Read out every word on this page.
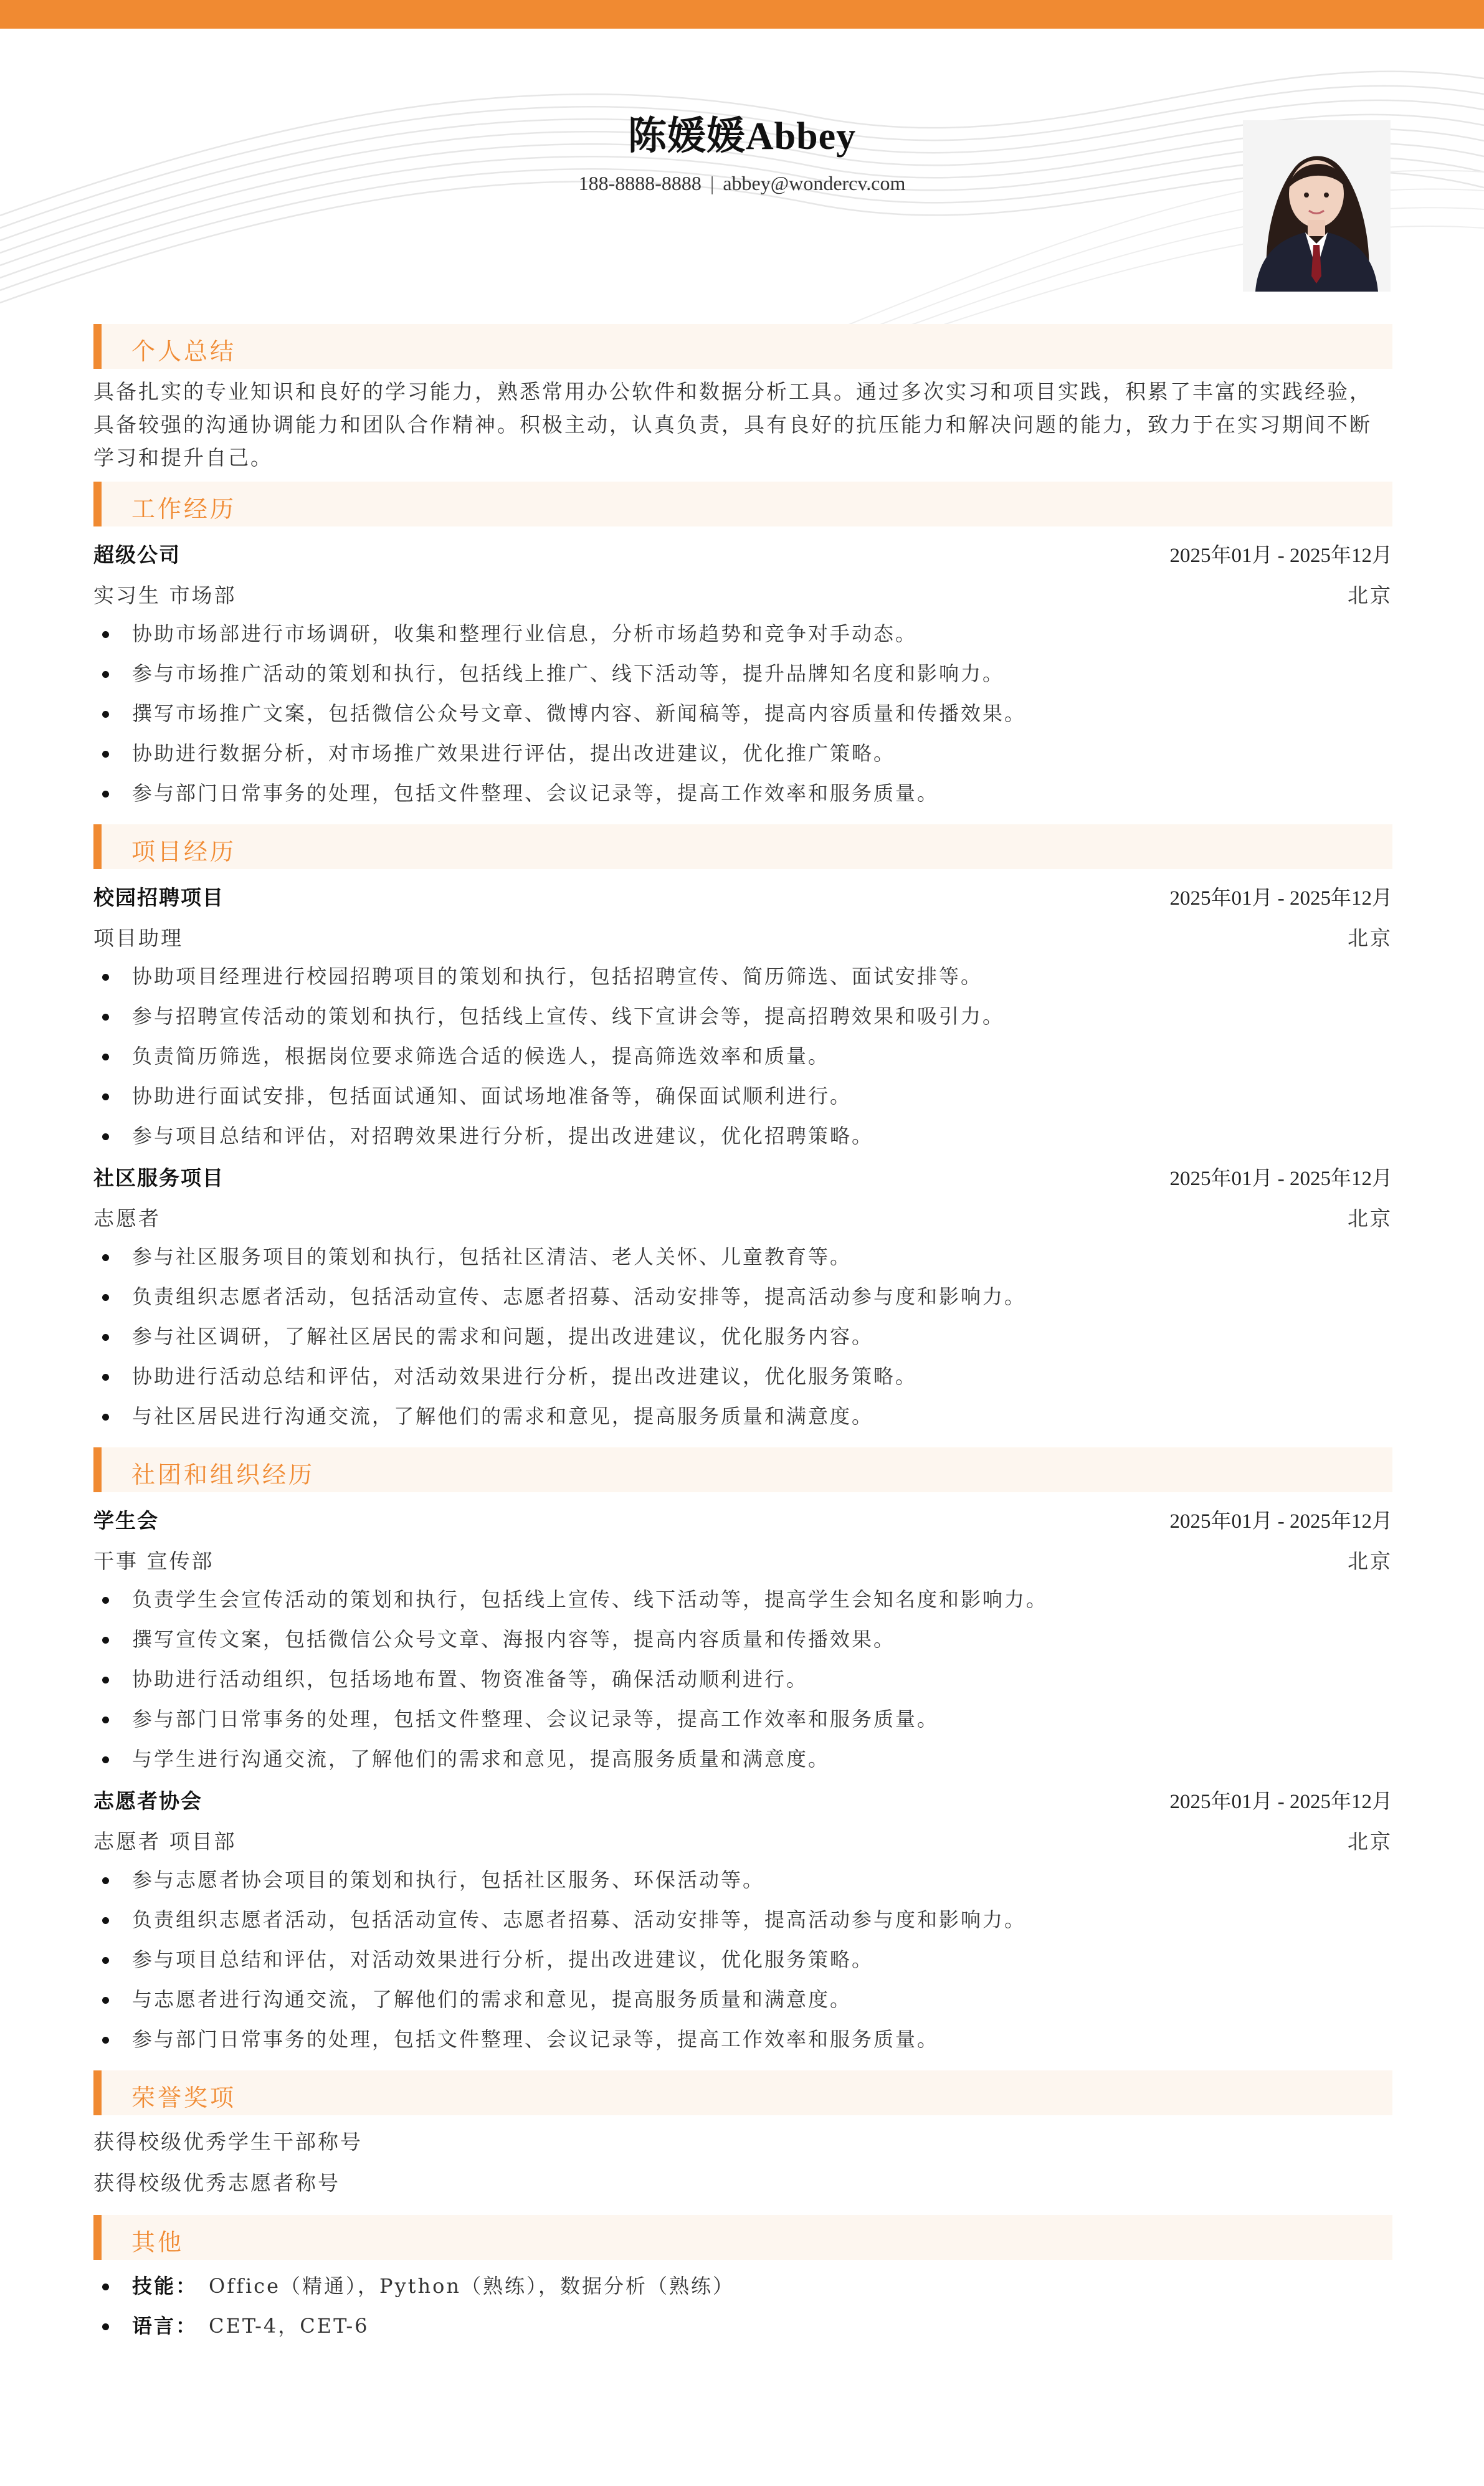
陈媛媛Abbey
188-8888-8888 | abbey@wondercv.com
个人总结
具备扎实的专业知识和良好的学习能力，熟悉常用办公软件和数据分析工具。通过多次实习和项目实践，积累了丰富的实践经验，
具备较强的沟通协调能力和团队合作精神。积极主动，认真负责，具有良好的抗压能力和解决问题的能力，致力于在实习期间不断
学习和提升自己。
工作经历
超级公司	2025年01月 - 2025年12月
实习生 市场部	北京
协助市场部进行市场调研，收集和整理行业信息，分析市场趋势和竞争对手动态。
参与市场推广活动的策划和执行，包括线上推广、线下活动等，提升品牌知名度和影响力。
撰写市场推广文案，包括微信公众号文章、微博内容、新闻稿等，提高内容质量和传播效果。
协助进行数据分析，对市场推广效果进行评估，提出改进建议，优化推广策略。
参与部门日常事务的处理，包括文件整理、会议记录等，提高工作效率和服务质量。
项目经历
校园招聘项目	2025年01月 - 2025年12月
项目助理	北京
协助项目经理进行校园招聘项目的策划和执行，包括招聘宣传、简历筛选、面试安排等。
参与招聘宣传活动的策划和执行，包括线上宣传、线下宣讲会等，提高招聘效果和吸引力。
负责简历筛选，根据岗位要求筛选合适的候选人，提高筛选效率和质量。
协助进行面试安排，包括面试通知、面试场地准备等，确保面试顺利进行。
参与项目总结和评估，对招聘效果进行分析，提出改进建议，优化招聘策略。
社区服务项目	2025年01月 - 2025年12月
志愿者	北京
参与社区服务项目的策划和执行，包括社区清洁、老人关怀、儿童教育等。
负责组织志愿者活动，包括活动宣传、志愿者招募、活动安排等，提高活动参与度和影响力。
参与社区调研，了解社区居民的需求和问题，提出改进建议，优化服务内容。
协助进行活动总结和评估，对活动效果进行分析，提出改进建议，优化服务策略。
与社区居民进行沟通交流，了解他们的需求和意见，提高服务质量和满意度。
社团和组织经历
学生会	2025年01月 - 2025年12月
干事 宣传部	北京
负责学生会宣传活动的策划和执行，包括线上宣传、线下活动等，提高学生会知名度和影响力。
撰写宣传文案，包括微信公众号文章、海报内容等，提高内容质量和传播效果。
协助进行活动组织，包括场地布置、物资准备等，确保活动顺利进行。
参与部门日常事务的处理，包括文件整理、会议记录等，提高工作效率和服务质量。
与学生进行沟通交流，了解他们的需求和意见，提高服务质量和满意度。
志愿者协会	2025年01月 - 2025年12月
志愿者 项目部	北京
参与志愿者协会项目的策划和执行，包括社区服务、环保活动等。
负责组织志愿者活动，包括活动宣传、志愿者招募、活动安排等，提高活动参与度和影响力。
参与项目总结和评估，对活动效果进行分析，提出改进建议，优化服务策略。
与志愿者进行沟通交流，了解他们的需求和意见，提高服务质量和满意度。
参与部门日常事务的处理，包括文件整理、会议记录等，提高工作效率和服务质量。
荣誉奖项
获得校级优秀学生干部称号
获得校级优秀志愿者称号
其他
技能： Office（精通），Python（熟练），数据分析（熟练）
语言： CET-4，CET-6
